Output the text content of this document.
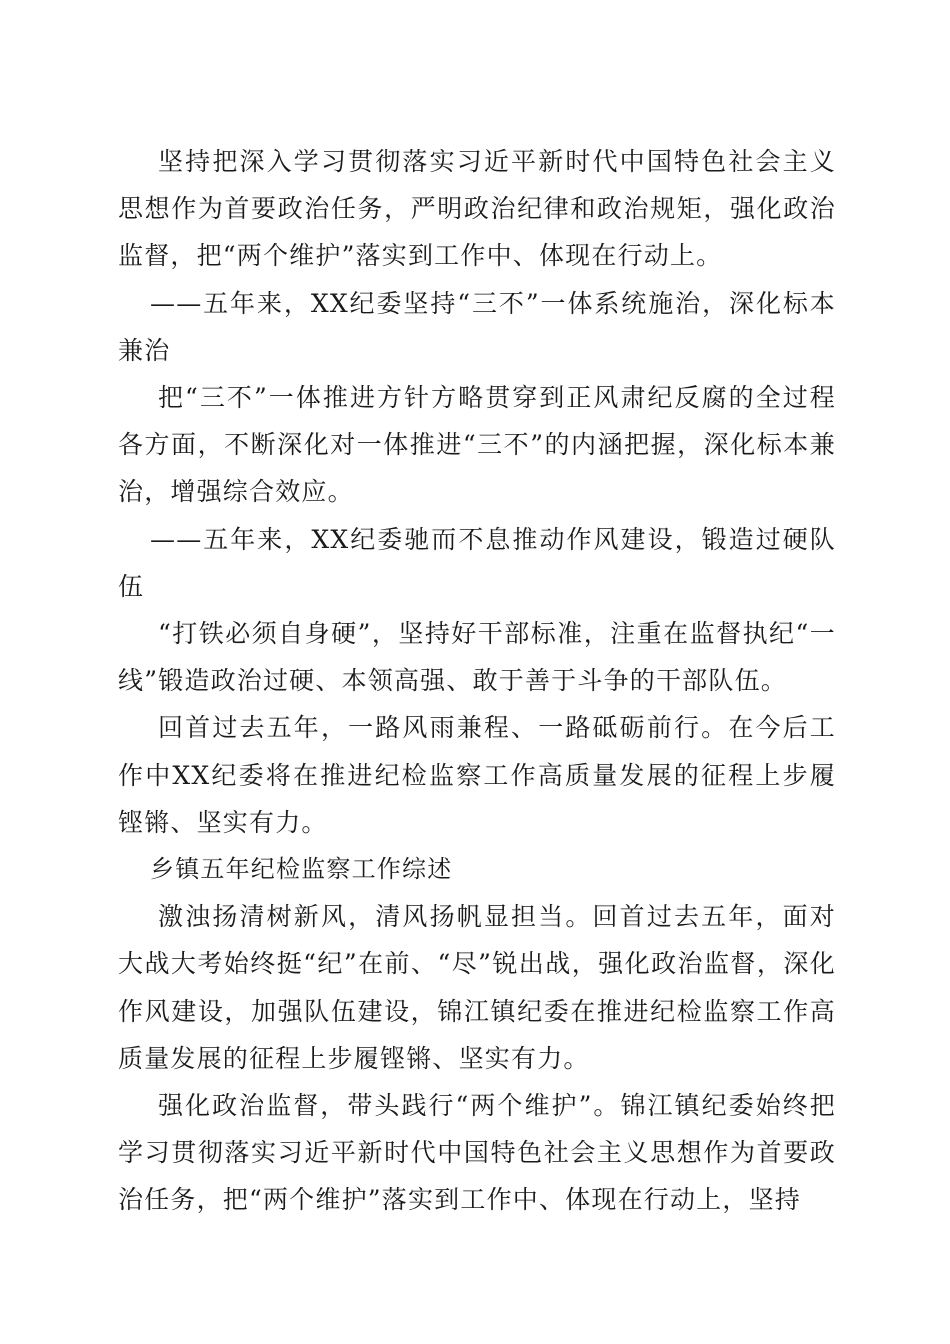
坚持把深入学习贯彻落实习近平新时代中国特色社会主义思想作为首要政治任务，严明政治纪律和政治规矩，强化政治监督，把“两个维护”落实到工作中、体现在行动上。

——五年来，XX纪委坚持“三不”一体系统施治，深化标本兼治

把“三不”一体推进方针方略贯穿到正风肃纪反腐的全过程各方面，不断深化对一体推进“三不”的内涵把握，深化标本兼治，增强综合效应。

——五年来，XX纪委驰而不息推动作风建设，锻造过硬队伍

“打铁必须自身硬”，坚持好干部标准，注重在监督执纪“一线”锻造政治过硬、本领高强、敢于善于斗争的干部队伍。

回首过去五年，一路风雨兼程、一路砥砺前行。在今后工作中XX纪委将在推进纪检监察工作高质量发展的征程上步履铿锵、坚实有力。

乡镇五年纪检监察工作综述

激浊扬清树新风，清风扬帆显担当。回首过去五年，面对大战大考始终挺“纪”在前、“尽”锐出战，强化政治监督，深化作风建设，加强队伍建设，锦江镇纪委在推进纪检监察工作高质量发展的征程上步履铿锵、坚实有力。

强化政治监督，带头践行“两个维护”。锦江镇纪委始终把学习贯彻落实习近平新时代中国特色社会主义思想作为首要政治任务，把“两个维护”落实到工作中、体现在行动上，坚持
